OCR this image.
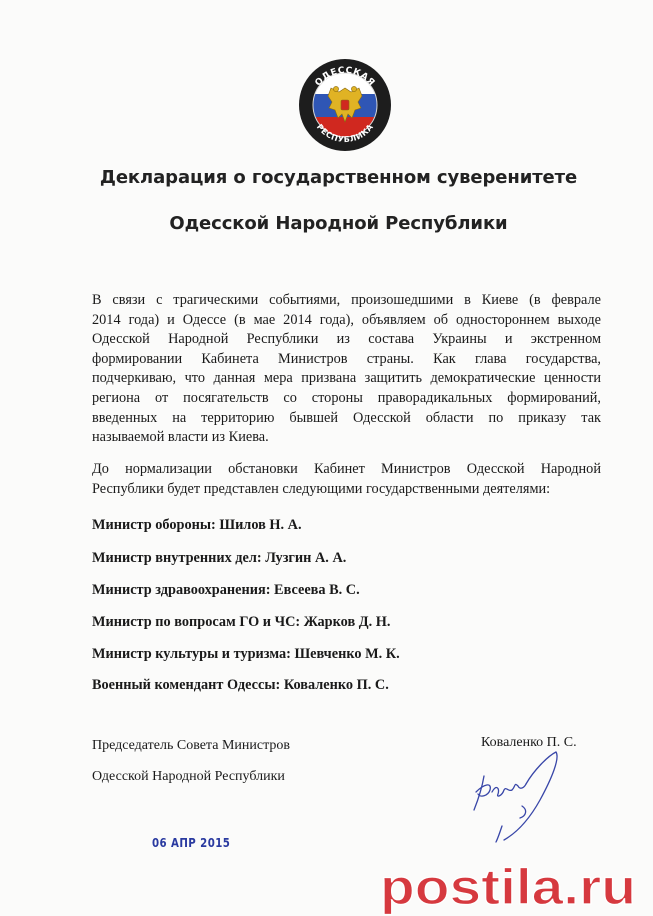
ОДЕССКАЯ
РЕСПУБЛИКА
Декларация о государственном суверенитете
Одесской Народной Республики
В связи с трагическими событиями, произошедшими в Киеве (в феврале
2014 года) и Одессе (в мае 2014 года), объявляем об одностороннем выходе
Одесской Народной Республики из состава Украины и экстренном
формировании Кабинета Министров страны. Как глава государства,
подчеркиваю, что данная мера призвана защитить демократические ценности
региона от посягательств со стороны праворадикальных формирований,
введенных на территорию бывшей Одесской области по приказу так
называемой власти из Киева.
До нормализации обстановки Кабинет Министров Одесской Народной
Республики будет представлен следующими государственными деятелями:
Министр обороны: Шилов Н. А.
Министр внутренних дел: Лузгин А. А.
Министр здравоохранения: Евсеева В. С.
Министр по вопросам ГО и ЧС: Жарков Д. Н.
Министр культуры и туризма: Шевченко М. К.
Военный комендант Одессы: Коваленко П. С.
Председатель Совета Министров
Одесской Народной Республики
Коваленко П. С.
06 АПР 2015
postila.ru
